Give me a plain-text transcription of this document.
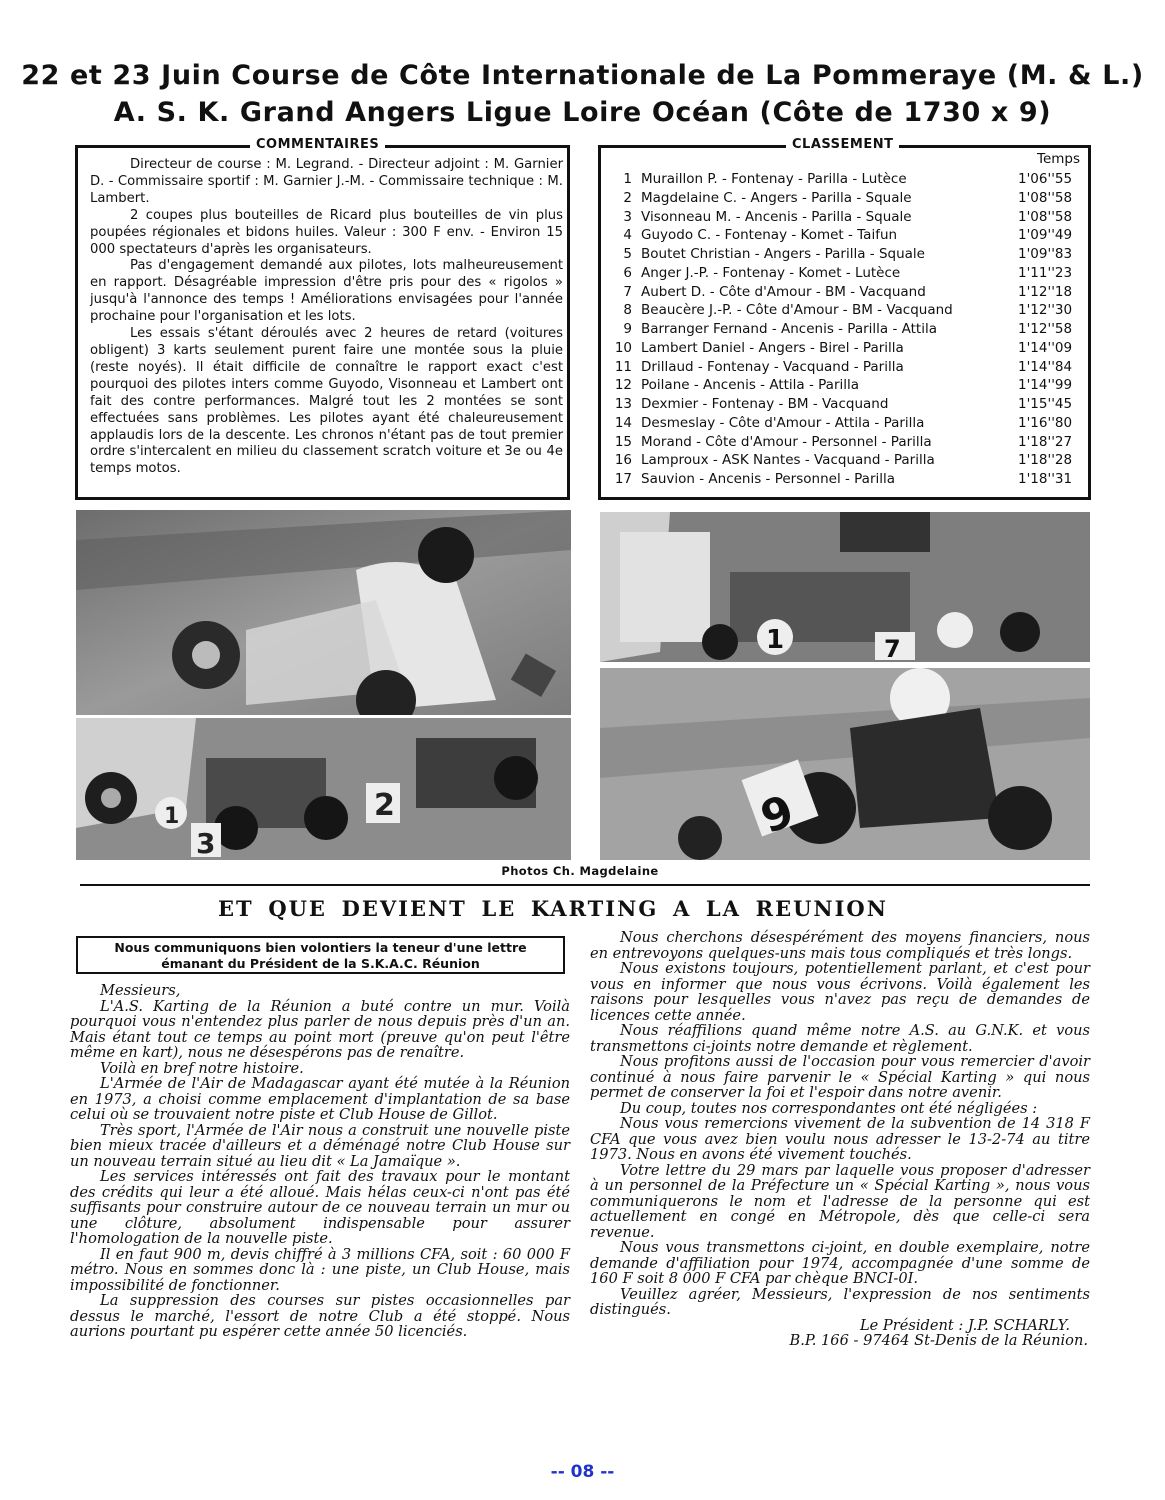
22 et 23 Juin Course de Côte Internationale de La Pommeraye (M. & L.)
A. S. K. Grand Angers Ligue Loire Océan (Côte de 1730 x 9)
COMMENTAIRES

Directeur de course : M. Legrand. - Directeur adjoint : M. Garnier D. - Commissaire sportif : M. Garnier J.-M. - Commissaire technique : M. Lambert.

2 coupes plus bouteilles de Ricard plus bouteilles de vin plus poupées régionales et bidons huiles. Valeur : 300 F env. - Environ 15 000 spectateurs d'après les organisateurs.

Pas d'engagement demandé aux pilotes, lots malheureusement en rapport. Désagréable impression d'être pris pour des « rigolos » jusqu'à l'annonce des temps ! Améliorations envisagées pour l'année prochaine pour l'organisation et les lots.

Les essais s'étant déroulés avec 2 heures de retard (voitures obligent) 3 karts seulement purent faire une montée sous la pluie (reste noyés). Il était difficile de connaître le rapport exact c'est pourquoi des pilotes inters comme Guyodo, Visonneau et Lambert ont fait des contre performances. Malgré tout les 2 montées se sont effectuées sans problèmes. Les pilotes ayant été chaleureusement applaudis lors de la descente. Les chronos n'étant pas de tout premier ordre s'intercalent en milieu du classement scratch voiture et 3e ou 4e temps motos.

CLASSEMENT
Temps
1 Muraillon P. - Fontenay - Parilla - Lutèce	1'06''55
2 Magdelaine C. - Angers - Parilla - Squale	1'08''58
3 Visonneau M. - Ancenis - Parilla - Squale	1'08''58
4 Guyodo C. - Fontenay - Komet - Taifun	1'09''49
5 Boutet Christian - Angers - Parilla - Squale	1'09''83
6 Anger J.-P. - Fontenay - Komet - Lutèce	1'11''23
7 Aubert D. - Côte d'Amour - BM - Vacquand	1'12''18
8 Beaucère J.-P. - Côte d'Amour - BM - Vacquand	1'12''30
9 Barranger Fernand - Ancenis - Parilla - Attila	1'12''58
10 Lambert Daniel - Angers - Birel - Parilla	1'14''09
11 Drillaud - Fontenay - Vacquand - Parilla	1'14''84
12 Poilane - Ancenis - Attila - Parilla	1'14''99
13 Dexmier - Fontenay - BM - Vacquand	1'15''45
14 Desmeslay - Côte d'Amour - Attila - Parilla	1'16''80
15 Morand - Côte d'Amour - Personnel - Parilla	1'18''27
16 Lamproux - ASK Nantes - Vacquand - Parilla	1'18''28
17 Sauvion - Ancenis - Personnel - Parilla	1'18''31
2
1
3
1	7
9
Photos Ch. Magdelaine
ET QUE DEVIENT LE KARTING A LA REUNION
Nous communiquons bien volontiers la teneur d'une lettre émanant du Président de la S.K.A.C. Réunion

Messieurs,

L'A.S. Karting de la Réunion a buté contre un mur. Voilà pourquoi vous n'entendez plus parler de nous depuis près d'un an. Mais étant tout ce temps au point mort (preuve qu'on peut l'être même en kart), nous ne désespérons pas de renaître.

Voilà en bref notre histoire.

L'Armée de l'Air de Madagascar ayant été mutée à la Réunion en 1973, a choisi comme emplacement d'implantation de sa base celui où se trouvaient notre piste et Club House de Gillot.

Très sport, l'Armée de l'Air nous a construit une nouvelle piste bien mieux tracée d'ailleurs et a déménagé notre Club House sur un nouveau terrain situé au lieu dit « La Jamaïque ».

Les services intéressés ont fait des travaux pour le montant des crédits qui leur a été alloué. Mais hélas ceux-ci n'ont pas été suffisants pour construire autour de ce nouveau terrain un mur ou une clôture, absolument indispensable pour assurer l'homologation de la nouvelle piste.

Il en faut 900 m, devis chiffré à 3 millions CFA, soit : 60 000 F métro. Nous en sommes donc là : une piste, un Club House, mais impossibilité de fonctionner.

La suppression des courses sur pistes occasionnelles par dessus le marché, l'essort de notre Club a été stoppé. Nous aurions pourtant pu espérer cette année 50 licenciés.

Nous cherchons désespérément des moyens financiers, nous en entrevoyons quelques-uns mais tous compliqués et très longs.

Nous existons toujours, potentiellement parlant, et c'est pour vous en informer que nous vous écrivons. Voilà également les raisons pour lesquelles vous n'avez pas reçu de demandes de licences cette année.

Nous réaffilions quand même notre A.S. au G.N.K. et vous transmettons ci-joints notre demande et règlement.

Nous profitons aussi de l'occasion pour vous remercier d'avoir continué à nous faire parvenir le « Spécial Karting » qui nous permet de conserver la foi et l'espoir dans notre avenir.

Du coup, toutes nos correspondantes ont été négligées :

Nous vous remercions vivement de la subvention de 14 318 F CFA que vous avez bien voulu nous adresser le 13-2-74 au titre 1973. Nous en avons été vivement touchés.

Votre lettre du 29 mars par laquelle vous proposer d'adresser à un personnel de la Préfecture un « Spécial Karting », nous vous communiquerons le nom et l'adresse de la personne qui est actuellement en congé en Métropole, dès que celle-ci sera revenue.

Nous vous transmettons ci-joint, en double exemplaire, notre demande d'affiliation pour 1974, accompagnée d'une somme de 160 F soit 8 000 F CFA par chèque BNCI-0I.

Veuillez agréer, Messieurs, l'expression de nos sentiments distingués.

Le Président : J.P. SCHARLY.
B.P. 166 - 97464 St-Denis de la Réunion.
-- 08 --
